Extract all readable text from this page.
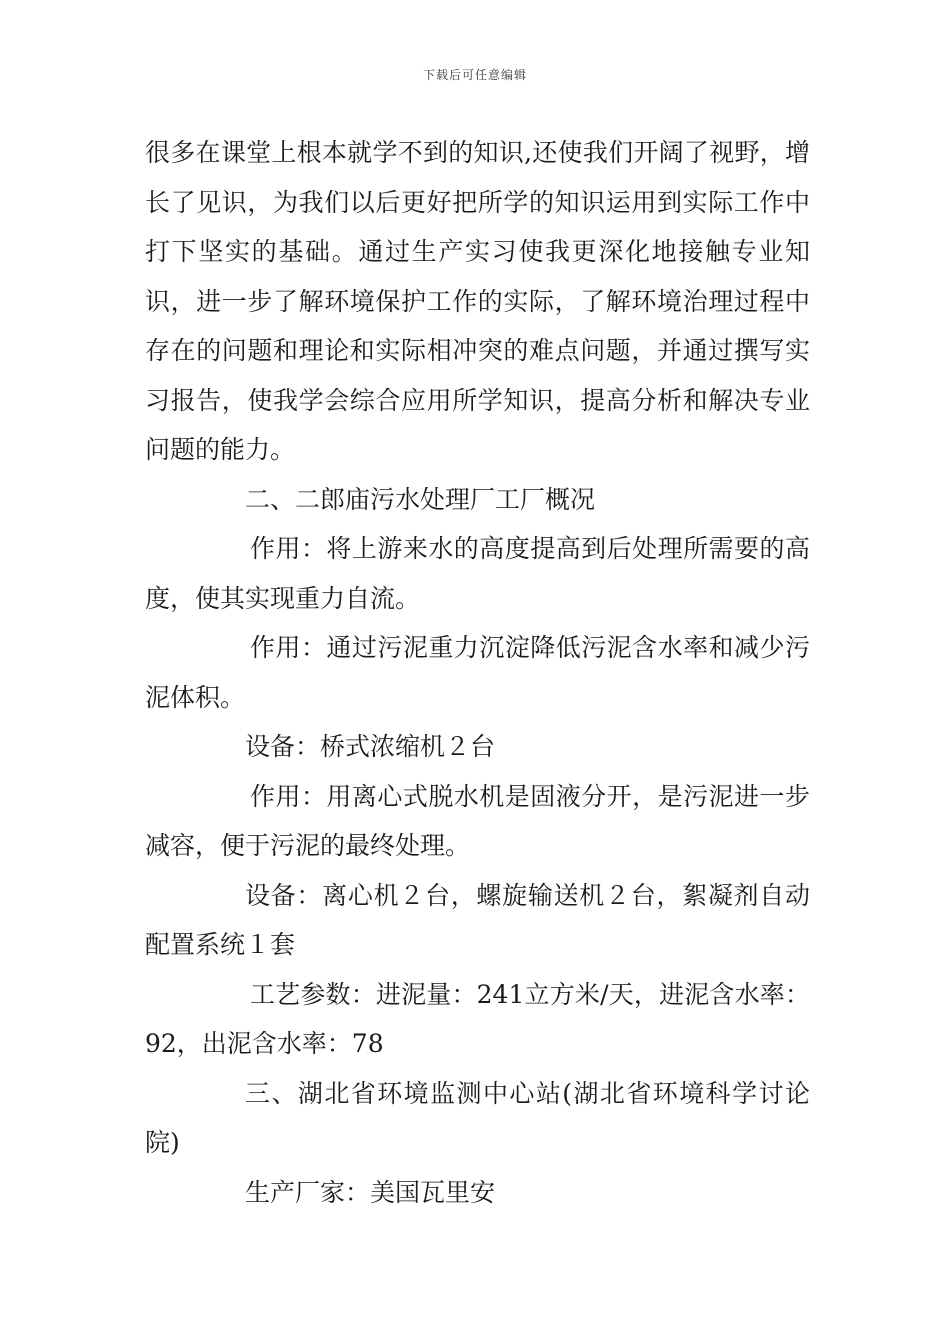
下载后可任意编辑

很多在课堂上根本就学不到的知识,还使我们开阔了视野，增长了见识，为我们以后更好把所学的知识运用到实际工作中打下坚实的基础。通过生产实习使我更深化地接触专业知识，进一步了解环境保护工作的实际，了解环境治理过程中存在的问题和理论和实际相冲突的难点问题，并通过撰写实习报告，使我学会综合应用所学知识，提高分析和解决专业问题的能力。

二、二郎庙污水处理厂工厂概况

作用：将上游来水的高度提高到后处理所需要的高度，使其实现重力自流。

作用：通过污泥重力沉淀降低污泥含水率和减少污泥体积。

设备：桥式浓缩机２台

作用：用离心式脱水机是固液分开，是污泥进一步减容，便于污泥的最终处理。

设备：离心机２台，螺旋输送机２台，絮凝剂自动配置系统１套

工艺参数：进泥量：241立方米/天，进泥含水率：92，出泥含水率：78

三、湖北省环境监测中心站(湖北省环境科学讨论院)

生产厂家：美国瓦里安
